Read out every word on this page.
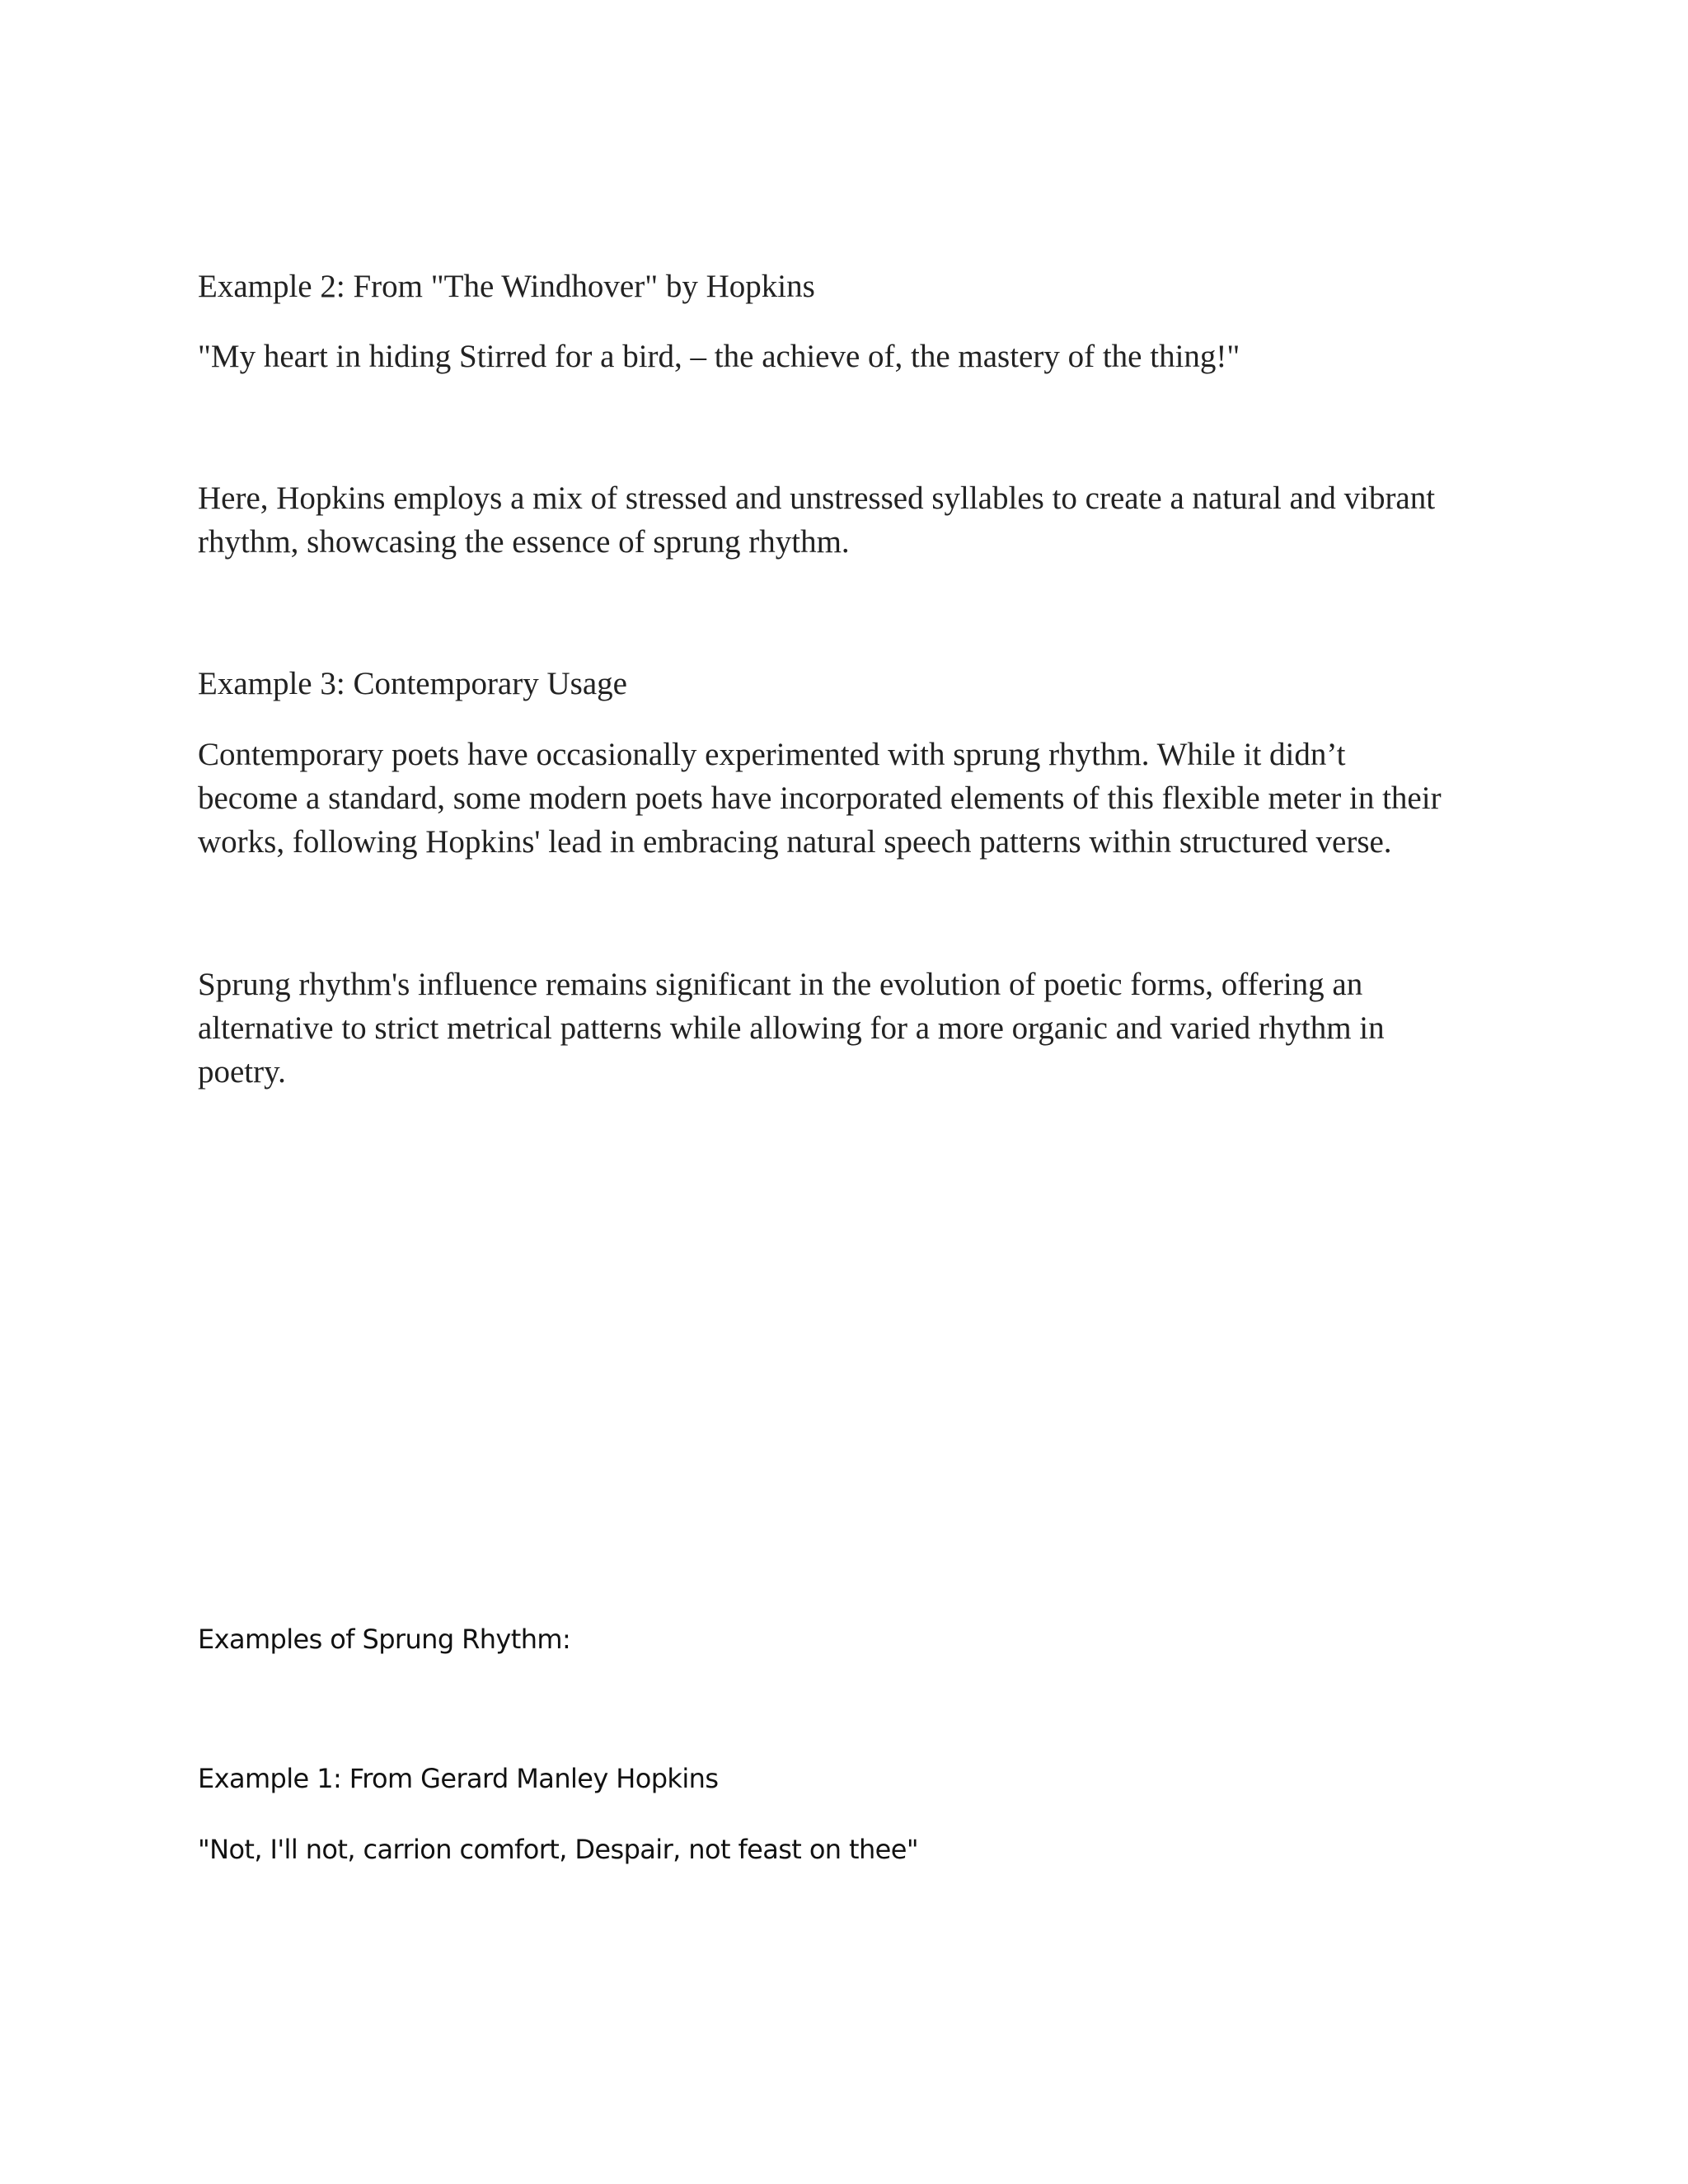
Example 2: From "The Windhover" by Hopkins

"My heart in hiding Stirred for a bird, – the achieve of, the mastery of the thing!"

Here, Hopkins employs a mix of stressed and unstressed syllables to create a natural and vibrant
rhythm, showcasing the essence of sprung rhythm.

Example 3: Contemporary Usage

Contemporary poets have occasionally experimented with sprung rhythm. While it didn’t
become a standard, some modern poets have incorporated elements of this flexible meter in their
works, following Hopkins' lead in embracing natural speech patterns within structured verse.

Sprung rhythm's influence remains significant in the evolution of poetic forms, offering an
alternative to strict metrical patterns while allowing for a more organic and varied rhythm in
poetry.

Examples of Sprung Rhythm:
Example 1: From Gerard Manley Hopkins

"Not, I'll not, carrion comfort, Despair, not feast on thee"
